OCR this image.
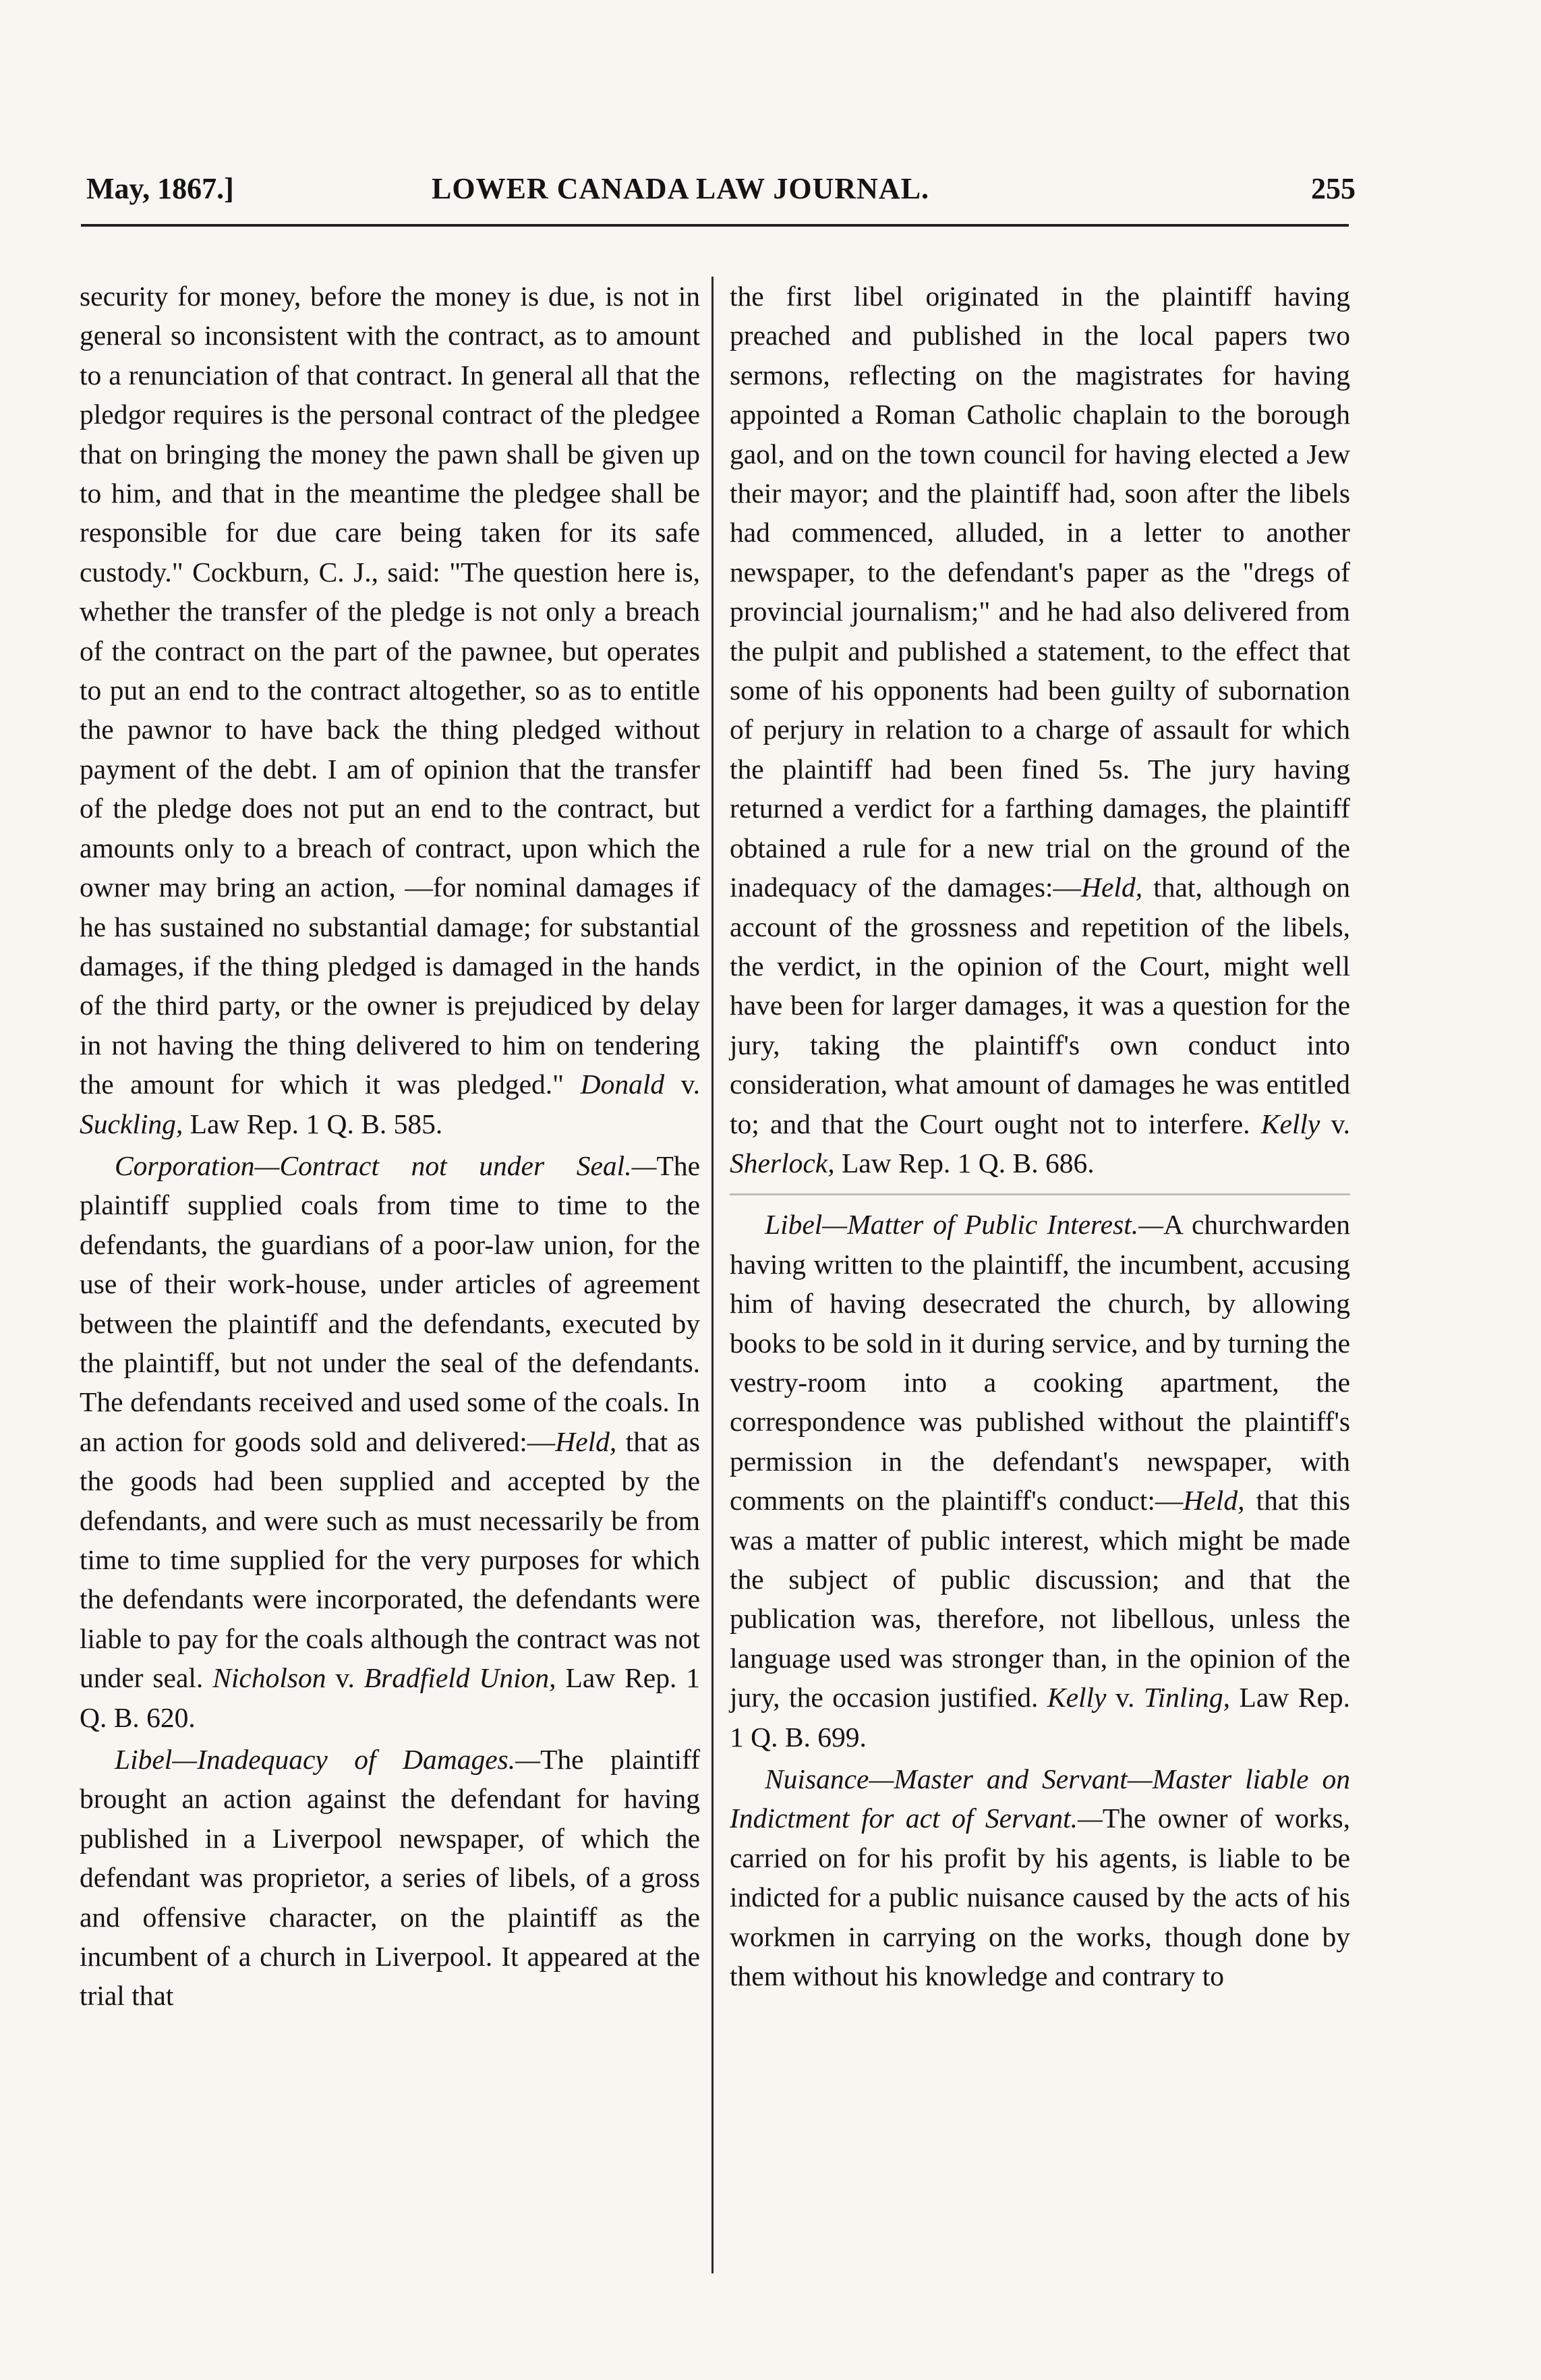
May, 1867.]	LOWER CANADA LAW JOURNAL.	255

security for money, before the money is due, is not in general so inconsistent with the contract, as to amount to a renunciation of that contract. In general all that the pledgor requires is the personal contract of the pledgee that on bringing the money the pawn shall be given up to him, and that in the meantime the pledgee shall be responsible for due care being taken for its safe custody." Cockburn, C. J., said: "The question here is, whether the transfer of the pledge is not only a breach of the contract on the part of the pawnee, but operates to put an end to the contract altogether, so as to entitle the pawnor to have back the thing pledged without payment of the debt. I am of opinion that the transfer of the pledge does not put an end to the contract, but amounts only to a breach of contract, upon which the owner may bring an action, —for nominal damages if he has sustained no substantial damage; for substantial damages, if the thing pledged is damaged in the hands of the third party, or the owner is prejudiced by delay in not having the thing delivered to him on tendering the amount for which it was pledged." Donald v. Suckling, Law Rep. 1 Q. B. 585.

Corporation—Contract not under Seal.—The plaintiff supplied coals from time to time to the defendants, the guardians of a poor-law union, for the use of their work-house, under articles of agreement between the plaintiff and the defendants, executed by the plaintiff, but not under the seal of the defendants. The defendants received and used some of the coals. In an action for goods sold and delivered:—Held, that as the goods had been supplied and accepted by the defendants, and were such as must necessarily be from time to time supplied for the very purposes for which the defendants were incorporated, the defendants were liable to pay for the coals although the contract was not under seal. Nicholson v. Bradfield Union, Law Rep. 1 Q. B. 620.

Libel—Inadequacy of Damages.—The plaintiff brought an action against the defendant for having published in a Liverpool newspaper, of which the defendant was proprietor, a series of libels, of a gross and offensive character, on the plaintiff as the incumbent of a church in Liverpool. It appeared at the trial that

the first libel originated in the plaintiff having preached and published in the local papers two sermons, reflecting on the magistrates for having appointed a Roman Catholic chaplain to the borough gaol, and on the town council for having elected a Jew their mayor; and the plaintiff had, soon after the libels had commenced, alluded, in a letter to another newspaper, to the defendant's paper as the "dregs of provincial journalism;" and he had also delivered from the pulpit and published a statement, to the effect that some of his opponents had been guilty of subornation of perjury in relation to a charge of assault for which the plaintiff had been fined 5s. The jury having returned a verdict for a farthing damages, the plaintiff obtained a rule for a new trial on the ground of the inadequacy of the damages:—Held, that, although on account of the grossness and repetition of the libels, the verdict, in the opinion of the Court, might well have been for larger damages, it was a question for the jury, taking the plaintiff's own conduct into consideration, what amount of damages he was entitled to; and that the Court ought not to interfere. Kelly v. Sherlock, Law Rep. 1 Q. B. 686.

Libel—Matter of Public Interest.—A churchwarden having written to the plaintiff, the incumbent, accusing him of having desecrated the church, by allowing books to be sold in it during service, and by turning the vestry-room into a cooking apartment, the correspondence was published without the plaintiff's permission in the defendant's newspaper, with comments on the plaintiff's conduct:—Held, that this was a matter of public interest, which might be made the subject of public discussion; and that the publication was, therefore, not libellous, unless the language used was stronger than, in the opinion of the jury, the occasion justified. Kelly v. Tinling, Law Rep. 1 Q. B. 699.

Nuisance—Master and Servant—Master liable on Indictment for act of Servant.—The owner of works, carried on for his profit by his agents, is liable to be indicted for a public nuisance caused by the acts of his workmen in carrying on the works, though done by them without his knowledge and contrary to
